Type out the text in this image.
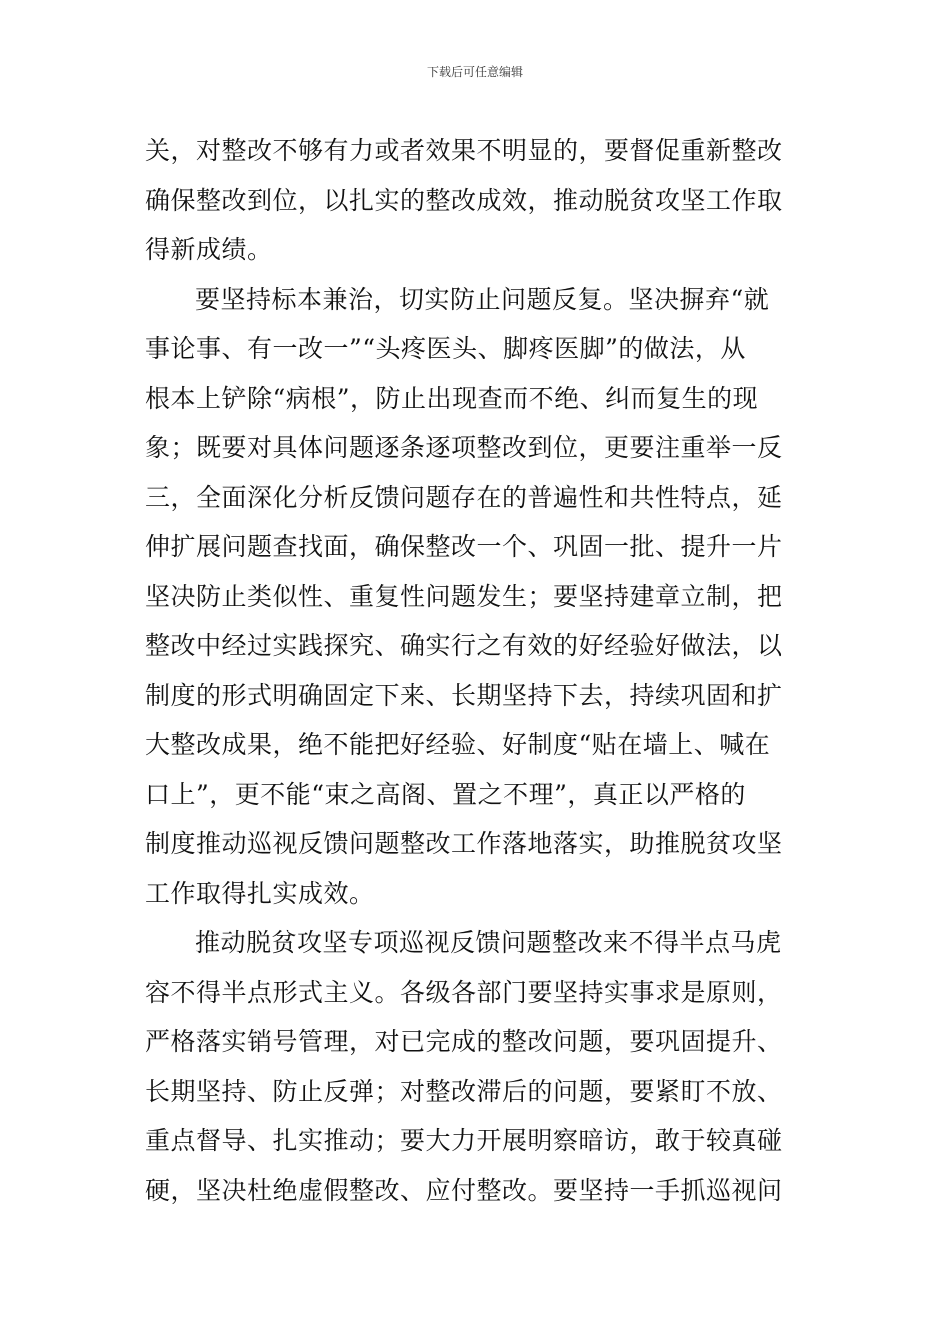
下载后可任意编辑
关，对整改不够有力或者效果不明显的，要督促重新整改
确保整改到位，以扎实的整改成效，推动脱贫攻坚工作取
得新成绩。
要坚持标本兼治，切实防止问题反复。坚决摒弃“就
事论事、有一改一”“头疼医头、脚疼医脚”的做法，从
根本上铲除“病根”，防止出现查而不绝、纠而复生的现
象；既要对具体问题逐条逐项整改到位，更要注重举一反
三，全面深化分析反馈问题存在的普遍性和共性特点，延
伸扩展问题查找面，确保整改一个、巩固一批、提升一片
坚决防止类似性、重复性问题发生；要坚持建章立制，把
整改中经过实践探究、确实行之有效的好经验好做法，以
制度的形式明确固定下来、长期坚持下去，持续巩固和扩
大整改成果，绝不能把好经验、好制度“贴在墙上、喊在
口上”，更不能“束之高阁、置之不理”，真正以严格的
制度推动巡视反馈问题整改工作落地落实，助推脱贫攻坚
工作取得扎实成效。
推动脱贫攻坚专项巡视反馈问题整改来不得半点马虎
容不得半点形式主义。各级各部门要坚持实事求是原则，
严格落实销号管理，对已完成的整改问题，要巩固提升、
长期坚持、防止反弹；对整改滞后的问题，要紧盯不放、
重点督导、扎实推动；要大力开展明察暗访，敢于较真碰
硬，坚决杜绝虚假整改、应付整改。要坚持一手抓巡视问
